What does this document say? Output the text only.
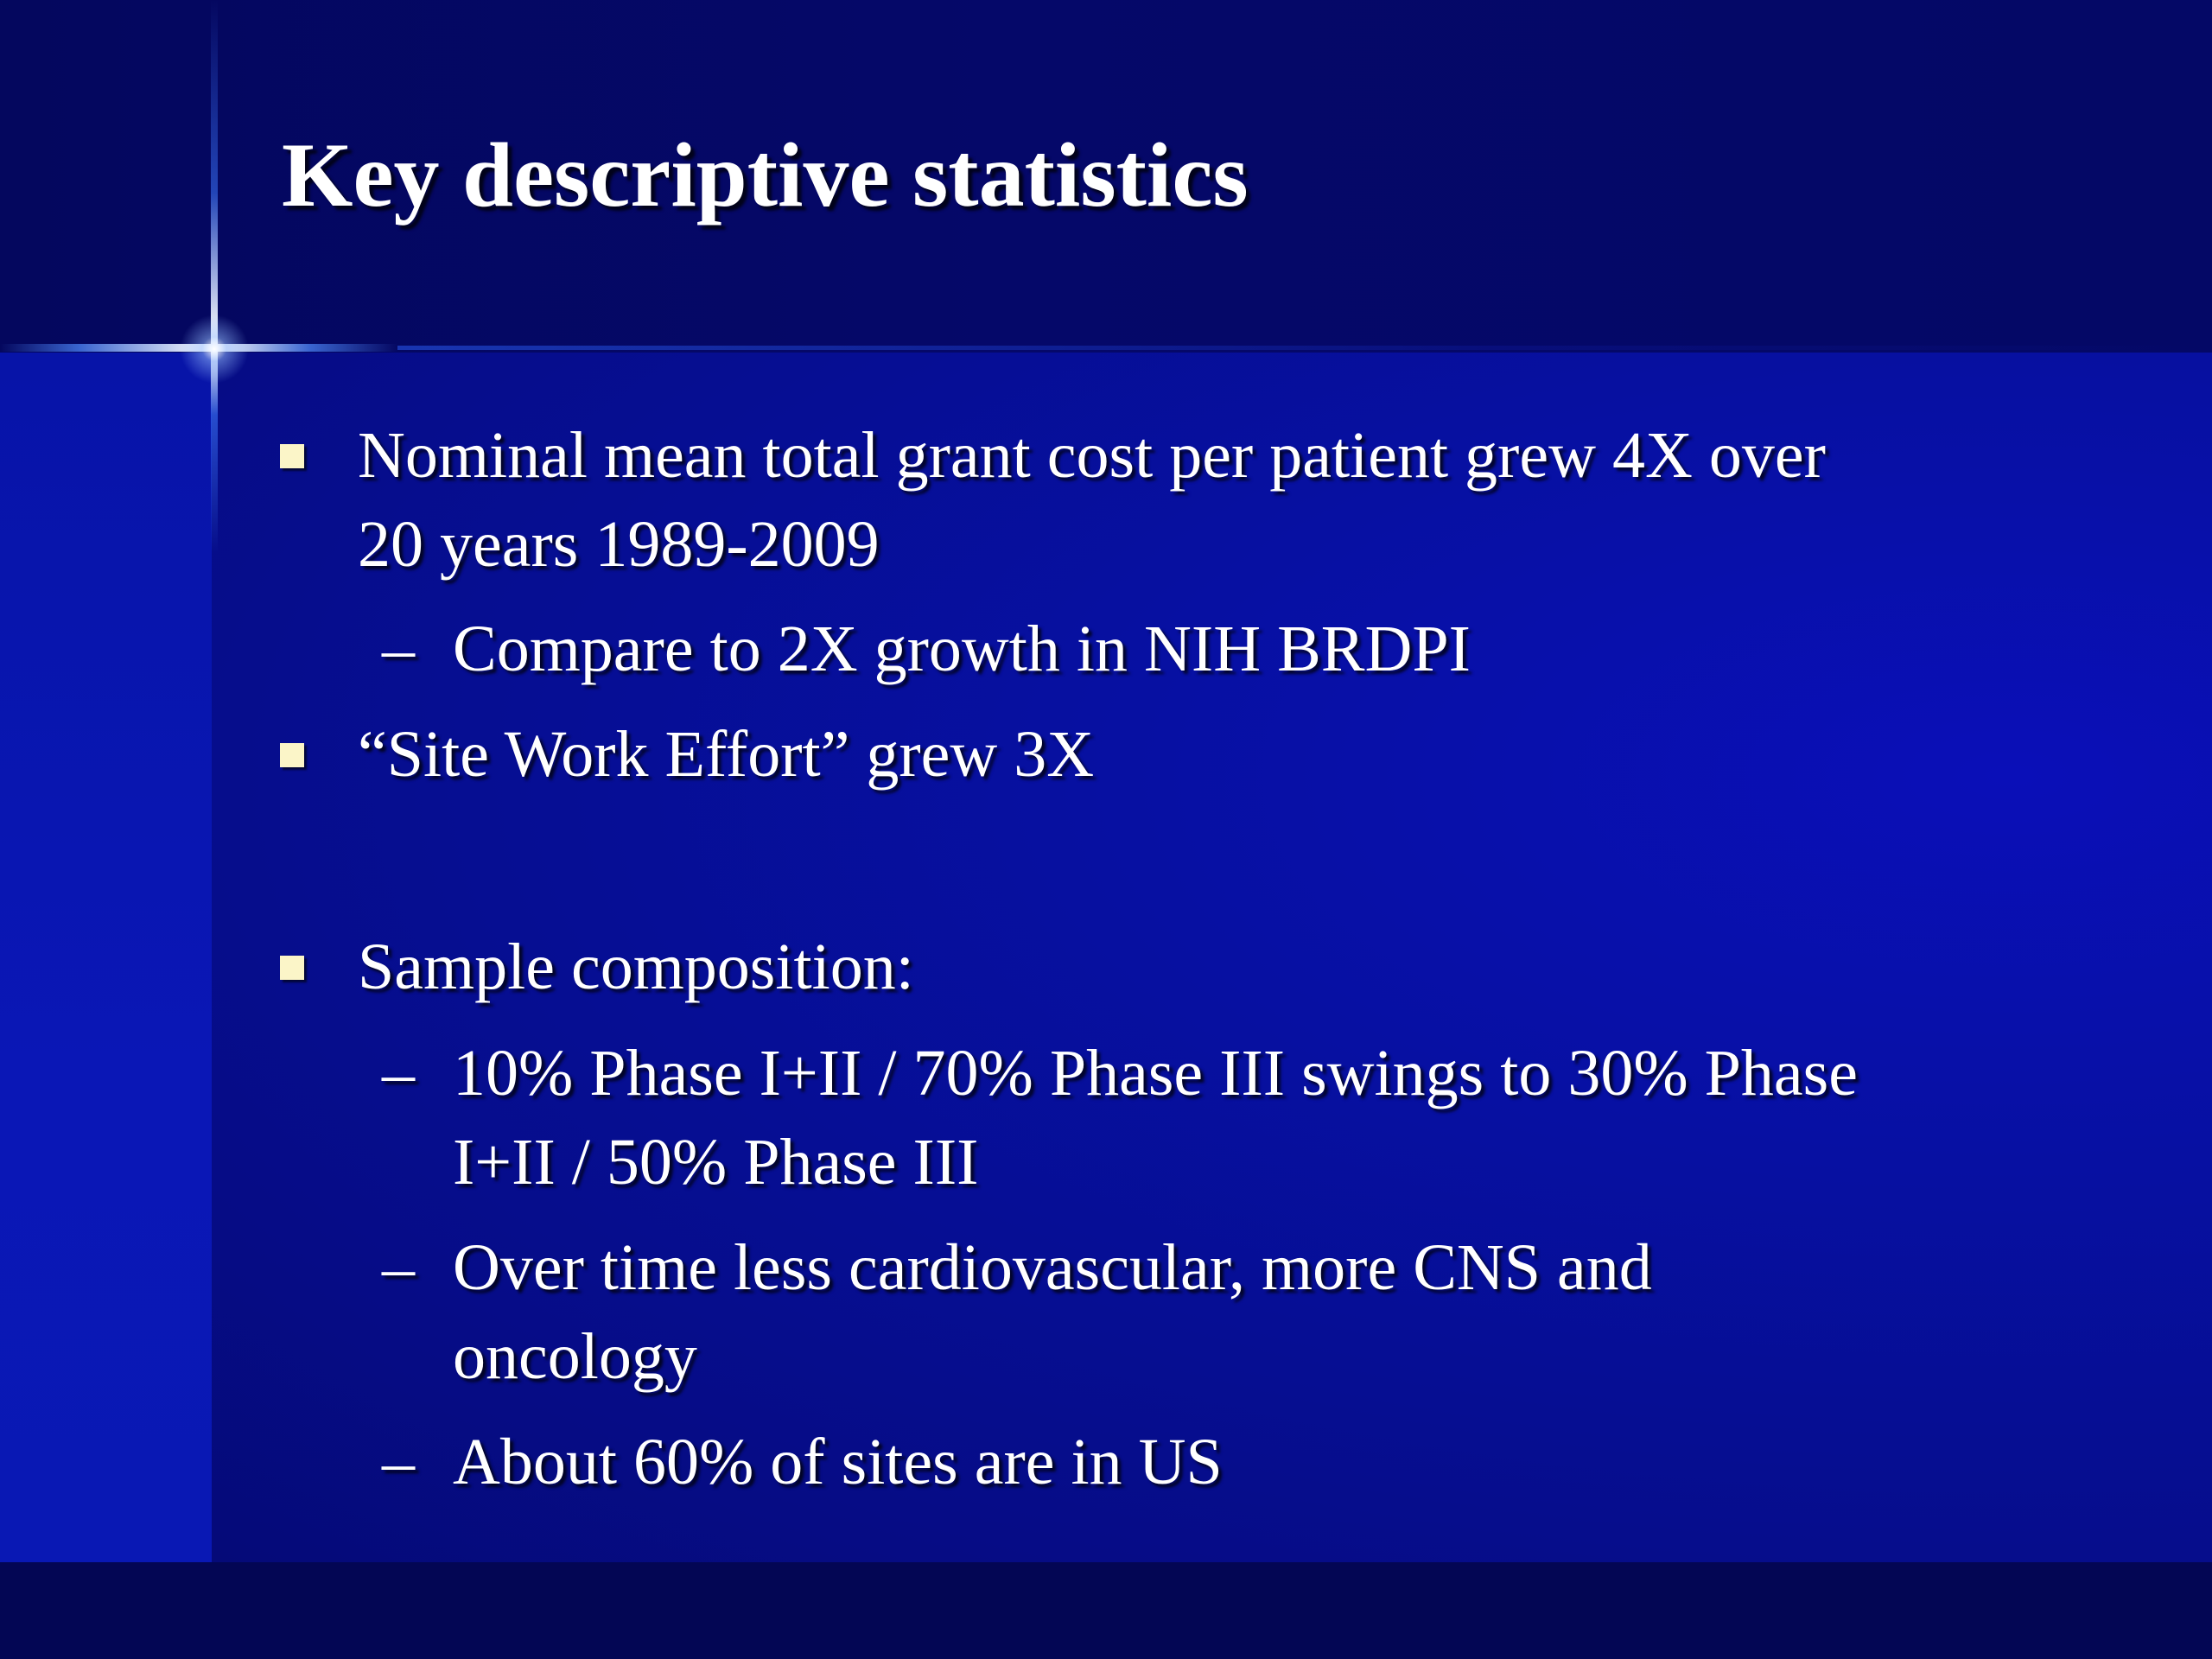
Key descriptive statistics
Nominal mean total grant cost per patient grew 4X over
20 years 1989-2009
– Compare to 2X growth in NIH BRDPI
“Site Work Effort” grew 3X
Sample composition:
– 10% Phase I+II / 70% Phase III swings to 30% Phase
I+II / 50% Phase III
– Over time less cardiovascular, more CNS and
oncology
– About 60% of sites are in US
